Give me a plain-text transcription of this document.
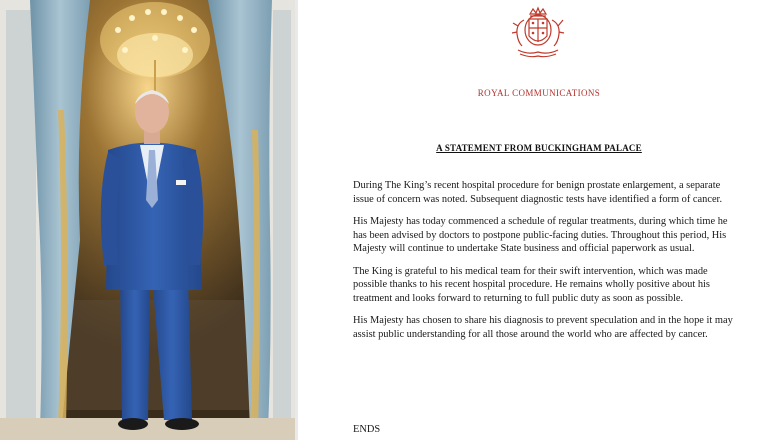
ROYAL COMMUNICATIONS
A STATEMENT FROM BUCKINGHAM PALACE

During The King’s recent hospital procedure for benign prostate enlargement, a separate issue of concern was noted. Subsequent diagnostic tests have identified a form of cancer.

His Majesty has today commenced a schedule of regular treatments, during which time he has been advised by doctors to postpone public-facing duties. Throughout this period, His Majesty will continue to undertake State business and official paperwork as usual.

The King is grateful to his medical team for their swift intervention, which was made possible thanks to his recent hospital procedure. He remains wholly positive about his treatment and looks forward to returning to full public duty as soon as possible.

His Majesty has chosen to share his diagnosis to prevent speculation and in the hope it may assist public understanding for all those around the world who are affected by cancer.

ENDS
